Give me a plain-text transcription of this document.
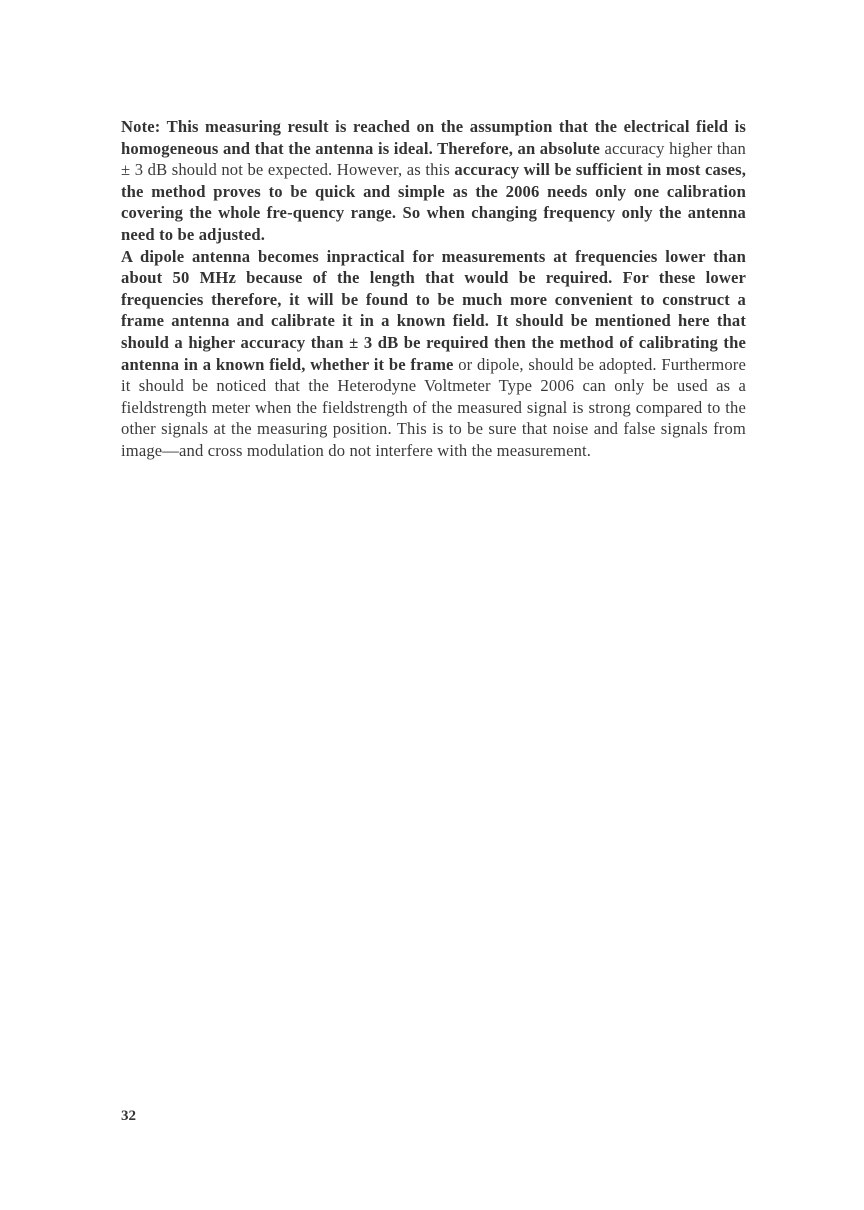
Note: This measuring result is reached on the assumption that the electrical field is homogeneous and that the antenna is ideal. Therefore, an absolute accuracy higher than ± 3 dB should not be expected. However, as this accuracy will be sufficient in most cases, the method proves to be quick and simple as the 2006 needs only one calibration covering the whole fre-quency range. So when changing frequency only the antenna need to be adjusted.

A dipole antenna becomes inpractical for measurements at frequencies lower than about 50 MHz because of the length that would be required. For these lower frequencies therefore, it will be found to be much more convenient to construct a frame antenna and calibrate it in a known field. It should be mentioned here that should a higher accuracy than ± 3 dB be required then the method of calibrating the antenna in a known field, whether it be frame or dipole, should be adopted. Furthermore it should be noticed that the Heterodyne Voltmeter Type 2006 can only be used as a fieldstrength meter when the fieldstrength of the measured signal is strong compared to the other signals at the measuring position. This is to be sure that noise and false signals from image—and cross modulation do not interfere with the measurement.

32
